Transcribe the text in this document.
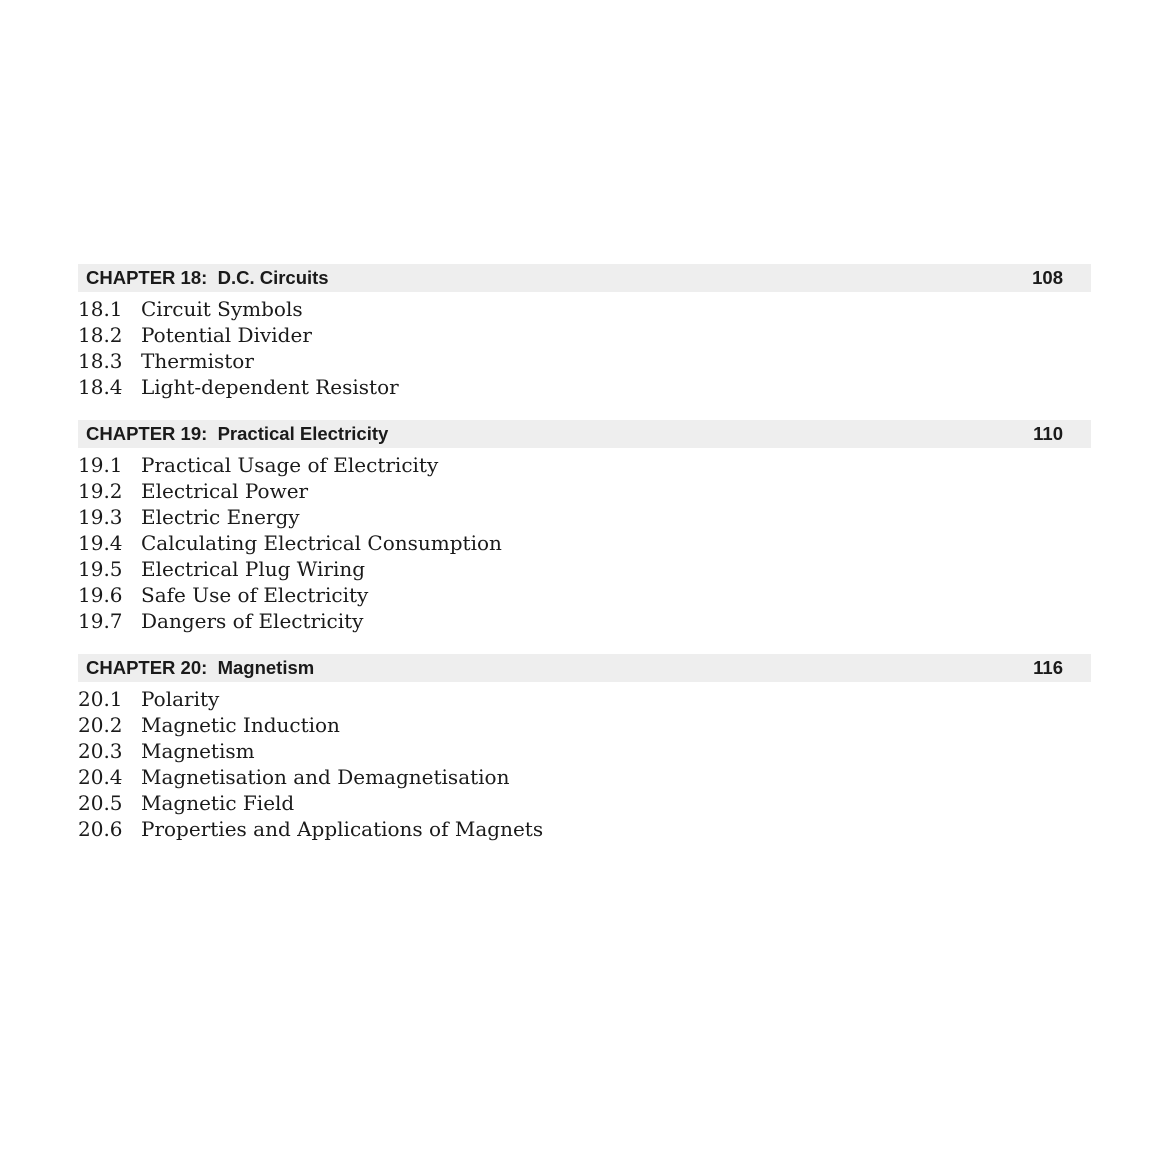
CHAPTER 18:  D.C. Circuits	108
18.1 Circuit Symbols
18.2 Potential Divider
18.3 Thermistor
18.4 Light-dependent Resistor
CHAPTER 19:  Practical Electricity	110
19.1 Practical Usage of Electricity
19.2 Electrical Power
19.3 Electric Energy
19.4 Calculating Electrical Consumption
19.5 Electrical Plug Wiring
19.6 Safe Use of Electricity
19.7 Dangers of Electricity
CHAPTER 20:  Magnetism	116
20.1 Polarity
20.2 Magnetic Induction
20.3 Magnetism
20.4 Magnetisation and Demagnetisation
20.5 Magnetic Field
20.6 Properties and Applications of Magnets
